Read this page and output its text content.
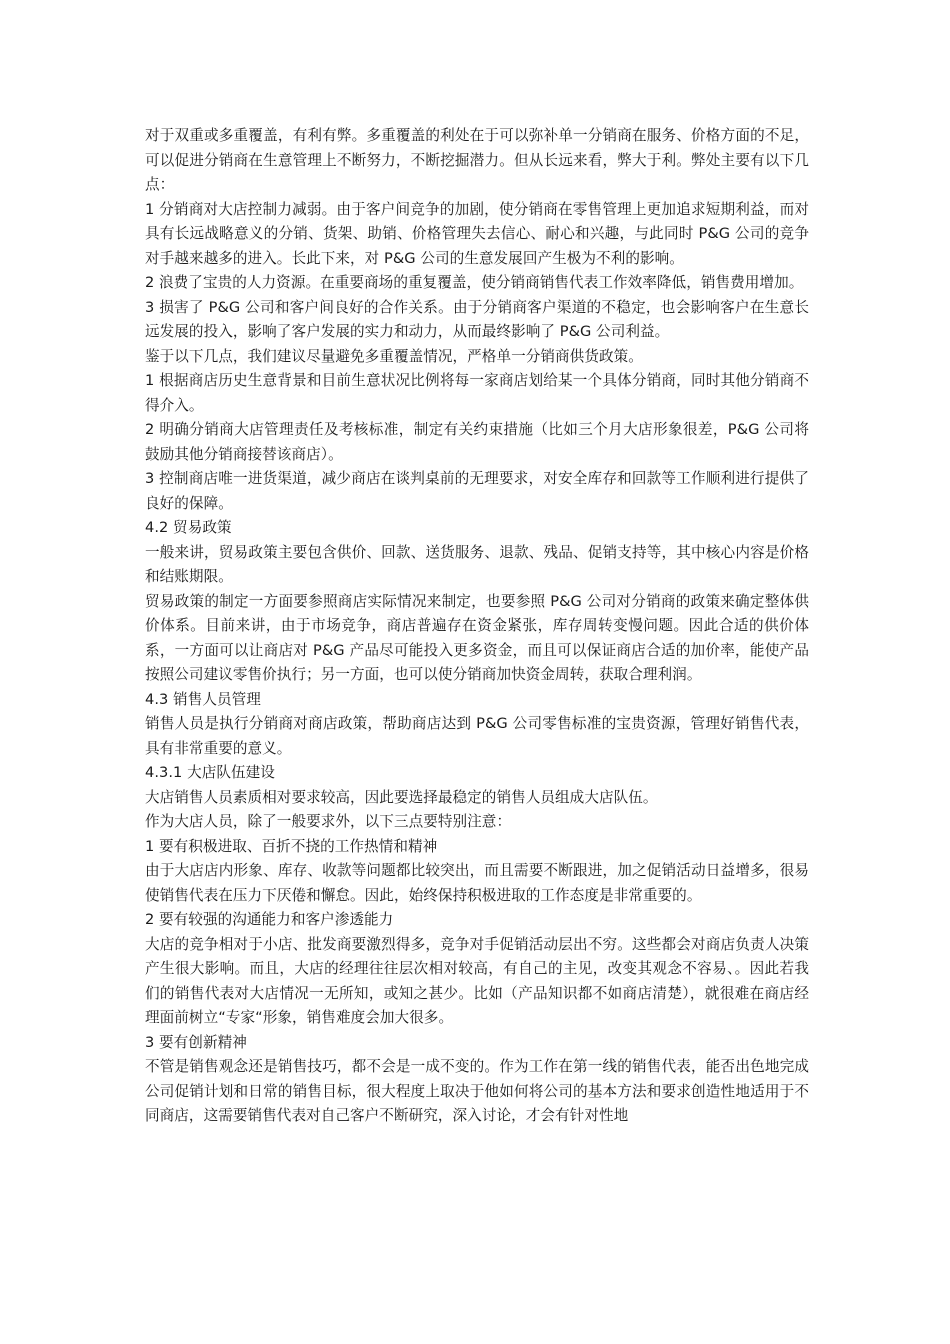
对于双重或多重覆盖，有利有弊。多重覆盖的利处在于可以弥补单一分销商在服务、价格方面的不足，可以促进分销商在生意管理上不断努力，不断挖掘潜力。但从长远来看，弊大于利。弊处主要有以下几点：

1 分销商对大店控制力减弱。由于客户间竞争的加剧，使分销商在零售管理上更加追求短期利益，而对具有长远战略意义的分销、货架、助销、价格管理失去信心、耐心和兴趣，与此同时 P&G 公司的竞争对手越来越多的进入。长此下来，对 P&G 公司的生意发展回产生极为不利的影响。

2 浪费了宝贵的人力资源。在重要商场的重复覆盖，使分销商销售代表工作效率降低，销售费用增加。

3 损害了 P&G 公司和客户间良好的合作关系。由于分销商客户渠道的不稳定，也会影响客户在生意长远发展的投入，影响了客户发展的实力和动力，从而最终影响了 P&G 公司利益。

鉴于以下几点，我们建议尽量避免多重覆盖情况，严格单一分销商供货政策。

1 根据商店历史生意背景和目前生意状况比例将每一家商店划给某一个具体分销商，同时其他分销商不得介入。

2 明确分销商大店管理责任及考核标准，制定有关约束措施（比如三个月大店形象很差，P&G 公司将鼓励其他分销商接替该商店）。

3 控制商店唯一进货渠道，减少商店在谈判桌前的无理要求，对安全库存和回款等工作顺利进行提供了良好的保障。

4.2 贸易政策

一般来讲，贸易政策主要包含供价、回款、送货服务、退款、残品、促销支持等，其中核心内容是价格和结账期限。

贸易政策的制定一方面要参照商店实际情况来制定，也要参照 P&G 公司对分销商的政策来确定整体供价体系。目前来讲，由于市场竞争，商店普遍存在资金紧张，库存周转变慢问题。因此合适的供价体系，一方面可以让商店对 P&G 产品尽可能投入更多资金，而且可以保证商店合适的加价率，能使产品按照公司建议零售价执行；另一方面，也可以使分销商加快资金周转，获取合理利润。

4.3 销售人员管理

销售人员是执行分销商对商店政策，帮助商店达到 P&G 公司零售标准的宝贵资源，管理好销售代表，具有非常重要的意义。

4.3.1 大店队伍建设

大店销售人员素质相对要求较高，因此要选择最稳定的销售人员组成大店队伍。

作为大店人员，除了一般要求外，以下三点要特别注意：

1 要有积极进取、百折不挠的工作热情和精神

由于大店店内形象、库存、收款等问题都比较突出，而且需要不断跟进，加之促销活动日益增多，很易使销售代表在压力下厌倦和懈怠。因此，始终保持积极进取的工作态度是非常重要的。

2 要有较强的沟通能力和客户渗透能力

大店的竞争相对于小店、批发商要激烈得多，竞争对手促销活动层出不穷。这些都会对商店负责人决策产生很大影响。而且，大店的经理往往层次相对较高，有自己的主见，改变其观念不容易、。因此若我们的销售代表对大店情况一无所知，或知之甚少。比如（产品知识都不如商店清楚），就很难在商店经理面前树立“专家“形象，销售难度会加大很多。

3 要有创新精神

不管是销售观念还是销售技巧，都不会是一成不变的。作为工作在第一线的销售代表，能否出色地完成公司促销计划和日常的销售目标，很大程度上取决于他如何将公司的基本方法和要求创造性地适用于不同商店，这需要销售代表对自己客户不断研究，深入讨论，才会有针对性地
